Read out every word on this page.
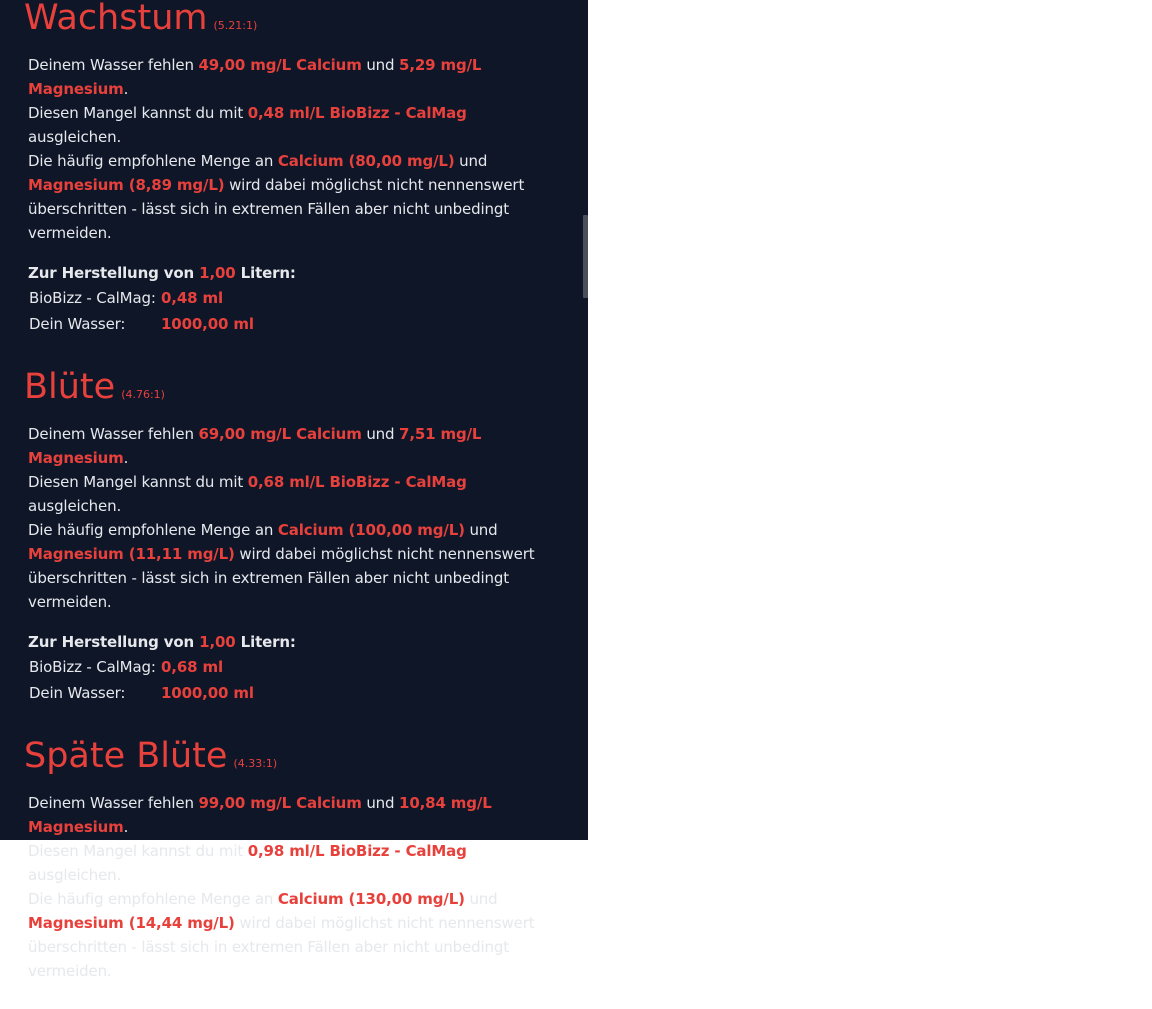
Wachstum (5.21:1)

Deinem Wasser fehlen 49,00 mg/L Calcium und 5,29 mg/L Magnesium.
Diesen Mangel kannst du mit 0,48 ml/L BioBizz - CalMag ausgleichen.
Die häufig empfohlene Menge an Calcium (80,00 mg/L) und Magnesium (8,89 mg/L) wird dabei möglichst nicht nennenswert überschritten - lässt sich in extremen Fällen aber nicht unbedingt vermeiden.

Zur Herstellung von 1,00 Litern:
BioBizz - CalMag: 0,48 ml
Dein Wasser:	1000,00 ml
Blüte (4.76:1)

Deinem Wasser fehlen 69,00 mg/L Calcium und 7,51 mg/L Magnesium.
Diesen Mangel kannst du mit 0,68 ml/L BioBizz - CalMag ausgleichen.
Die häufig empfohlene Menge an Calcium (100,00 mg/L) und Magnesium (11,11 mg/L) wird dabei möglichst nicht nennenswert überschritten - lässt sich in extremen Fällen aber nicht unbedingt vermeiden.

Zur Herstellung von 1,00 Litern:
BioBizz - CalMag: 0,68 ml
Dein Wasser:	1000,00 ml
Späte Blüte (4.33:1)

Deinem Wasser fehlen 99,00 mg/L Calcium und 10,84 mg/L Magnesium.
Diesen Mangel kannst du mit 0,98 ml/L BioBizz - CalMag ausgleichen.
Die häufig empfohlene Menge an Calcium (130,00 mg/L) und Magnesium (14,44 mg/L) wird dabei möglichst nicht nennenswert überschritten - lässt sich in extremen Fällen aber nicht unbedingt vermeiden.
